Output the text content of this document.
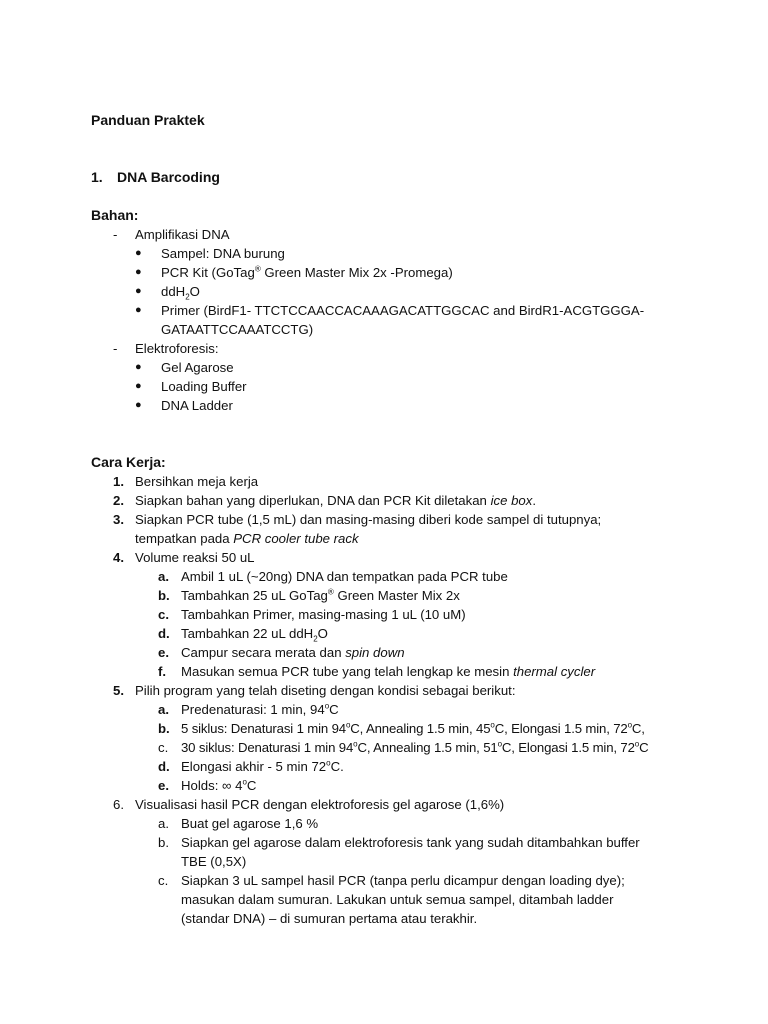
Panduan Praktek
1. DNA Barcoding
Bahan:
- Amplifikasi DNA
● Sampel: DNA burung
● PCR Kit (GoTag® Green Master Mix 2x -Promega)
● ddH$_2$O
● Primer (BirdF1- TTCTCCAACCACAAAGACATTGGCAC and BirdR1-ACGTGGGA-
GATAATTCCAAATCCTG)
- Elektroforesis:
● Gel Agarose
● Loading Buffer
● DNA Ladder
Cara Kerja:
1. Bersihkan meja kerja
2. Siapkan bahan yang diperlukan, DNA dan PCR Kit diletakan ice box.
3. Siapkan PCR tube (1,5 mL) dan masing-masing diberi kode sampel di tutupnya;
tempatkan pada PCR cooler tube rack
4. Volume reaksi 50 uL
a. Ambil 1 uL (~20ng) DNA dan tempatkan pada PCR tube
b. Tambahkan 25 uL GoTag® Green Master Mix 2x
c. Tambahkan Primer, masing-masing 1 uL (10 uM)
d. Tambahkan 22 uL ddH$_2$O
e. Campur secara merata dan spin down
f. Masukan semua PCR tube yang telah lengkap ke mesin thermal cycler
5. Pilih program yang telah diseting dengan kondisi sebagai berikut:
a. Predenaturasi: 1 min, 94$^o$C
b. 5 siklus: Denaturasi 1 min 94$^o$C, Annealing 1.5 min, 45$^o$C, Elongasi 1.5 min, 72$^o$C,
c. 30 siklus: Denaturasi 1 min 94$^o$C, Annealing 1.5 min, 51$^o$C, Elongasi 1.5 min, 72$^o$C
d. Elongasi akhir - 5 min 72$^o$C.
e. Holds: ∞ 4$^o$C
6. Visualisasi hasil PCR dengan elektroforesis gel agarose (1,6%)
a. Buat gel agarose 1,6 %
b. Siapkan gel agarose dalam elektroforesis tank yang sudah ditambahkan buffer
TBE (0,5X)
c. Siapkan 3 uL sampel hasil PCR (tanpa perlu dicampur dengan loading dye);
masukan dalam sumuran. Lakukan untuk semua sampel, ditambah ladder
(standar DNA) – di sumuran pertama atau terakhir.
